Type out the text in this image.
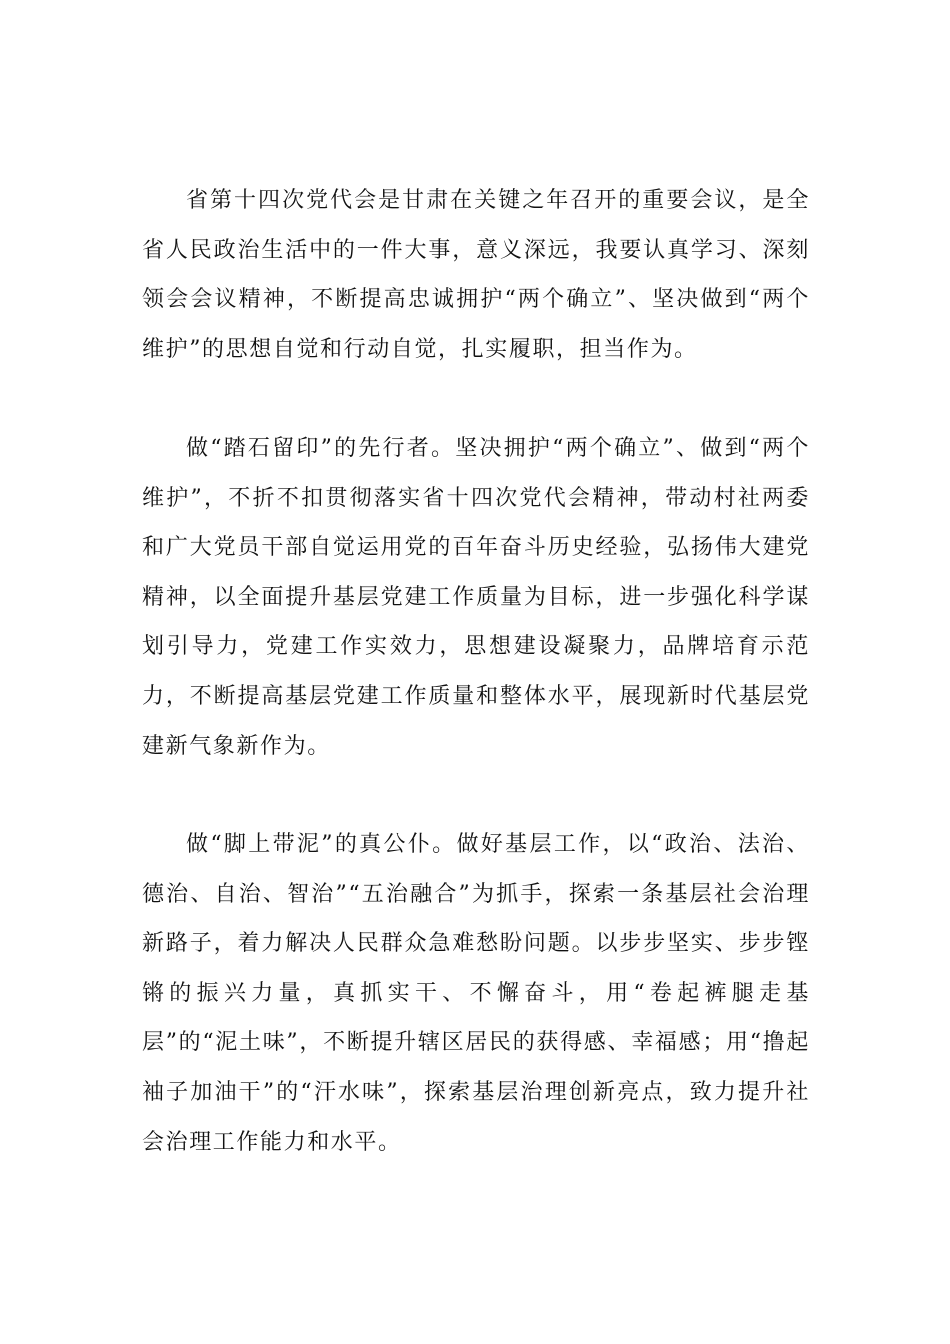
省第十四次党代会是甘肃在关键之年召开的重要会议，是全省人民政治生活中的一件大事，意义深远，我要认真学习、深刻领会会议精神，不断提高忠诚拥护“两个确立”、坚决做到“两个维护”的思想自觉和行动自觉，扎实履职，担当作为。

做“踏石留印”的先行者。坚决拥护“两个确立”、做到“两个维护”，不折不扣贯彻落实省十四次党代会精神，带动村社两委和广大党员干部自觉运用党的百年奋斗历史经验，弘扬伟大建党精神，以全面提升基层党建工作质量为目标，进一步强化科学谋划引导力，党建工作实效力，思想建设凝聚力，品牌培育示范力，不断提高基层党建工作质量和整体水平，展现新时代基层党建新气象新作为。

做“脚上带泥”的真公仆。做好基层工作，以“政治、法治、德治、自治、智治”“五治融合”为抓手，探索一条基层社会治理新路子，着力解决人民群众急难愁盼问题。以步步坚实、步步铿锵的振兴力量，真抓实干、不懈奋斗，用“卷起裤腿走基层”的“泥土味”，不断提升辖区居民的获得感、幸福感；用“撸起袖子加油干”的“汗水味”，探索基层治理创新亮点，致力提升社会治理工作能力和水平。
